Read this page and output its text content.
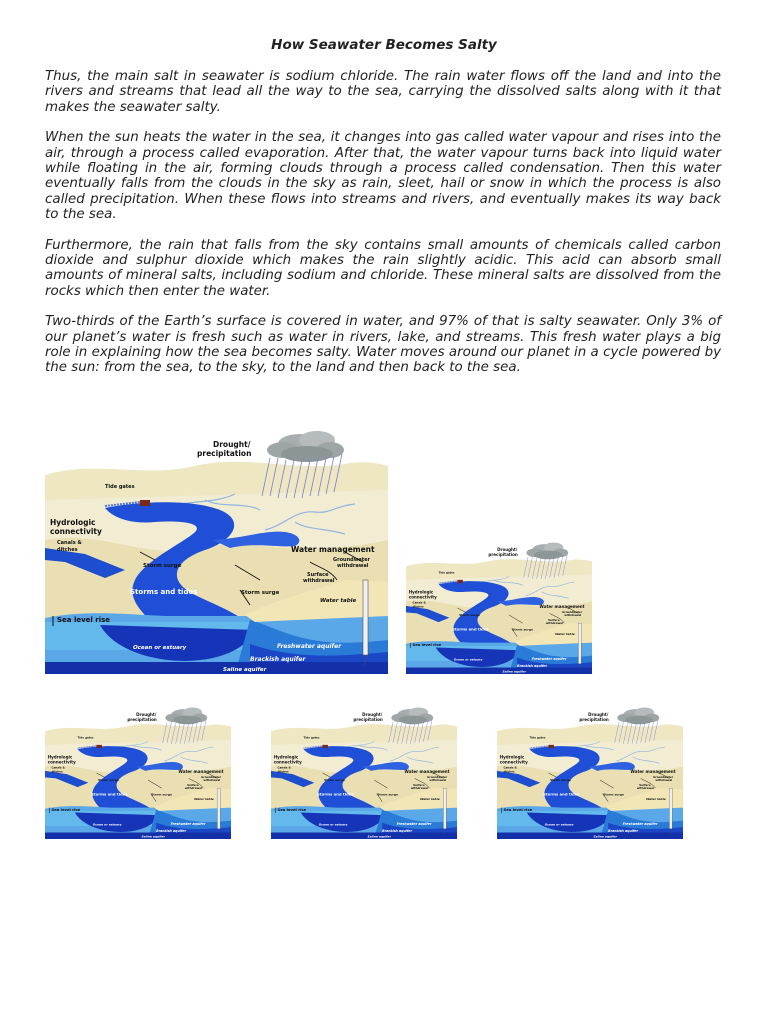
How Seawater Becomes Salty

Thus, the main salt in seawater is sodium chloride. The rain water flows off the land and into the rivers and streams that lead all the way to the sea, carrying the dissolved salts along with it that makes the seawater salty.

When the sun heats the water in the sea, it changes into gas called water vapour and rises into the air, through a process called evaporation. After that, the water vapour turns back into liquid water while floating in the air, forming clouds through a process called condensation. Then this water eventually falls from the clouds in the sky as rain, sleet, hail or snow in which the process is also called precipitation. When these flows into streams and rivers, and eventually makes its way back to the sea.

Furthermore, the rain that falls from the sky contains small amounts of chemicals called carbon dioxide and sulphur dioxide which makes the rain slightly acidic. This acid can absorb small amounts of mineral salts, including sodium and chloride. These mineral salts are dissolved from the rocks which then enter the water.

Two-thirds of the Earth’s surface is covered in water, and 97% of that is salty seawater. Only 3% of our planet’s water is fresh such as water in rivers, lake, and streams. This fresh water plays a big role in explaining how the sea becomes salty. Water moves around our planet in a cycle powered by the sun: from the sea, to the sky, to the land and then back to the sea.

Drought/
precipitation
Tide gates
Hydrologic
connectivity
Canals &
ditches	Water management
Groundwater
withdrawal
Surface
withdrawal
Storm surge
Storms and tides	Storm surge
Water table
Sea level rise
Ocean or estuary	Freshwater aquifer
Brackish aquifer
Saline aquifer
Drought/
precipitation
Tide gates
Hydrologic
connectivity
Canals &
ditches	Water management
Groundwater
withdrawal
Surface
withdrawal
Storm surge
Storms and tides	Storm surge
Water table
Sea level rise
Ocean or estuary	Freshwater aquifer
Brackish aquifer
Saline aquifer
Drought/
precipitation
Tide gates
Hydrologic
connectivity
Canals &
ditches	Water management
Groundwater
withdrawal
Surface
withdrawal
Storm surge
Storms and tides	Storm surge
Water table
Sea level rise
Ocean or estuary	Freshwater aquifer
Brackish aquifer
Saline aquifer
Drought/
precipitation
Tide gates
Hydrologic
connectivity
Canals &
ditches	Water management
Groundwater
withdrawal
Surface
withdrawal
Storm surge
Storms and tides	Storm surge
Water table
Sea level rise
Ocean or estuary	Freshwater aquifer
Brackish aquifer
Saline aquifer
Drought/
precipitation
Tide gates
Hydrologic
connectivity
Canals &
ditches	Water management
Groundwater
withdrawal
Surface
withdrawal
Storm surge
Storms and tides	Storm surge
Water table
Sea level rise
Ocean or estuary	Freshwater aquifer
Brackish aquifer
Saline aquifer
